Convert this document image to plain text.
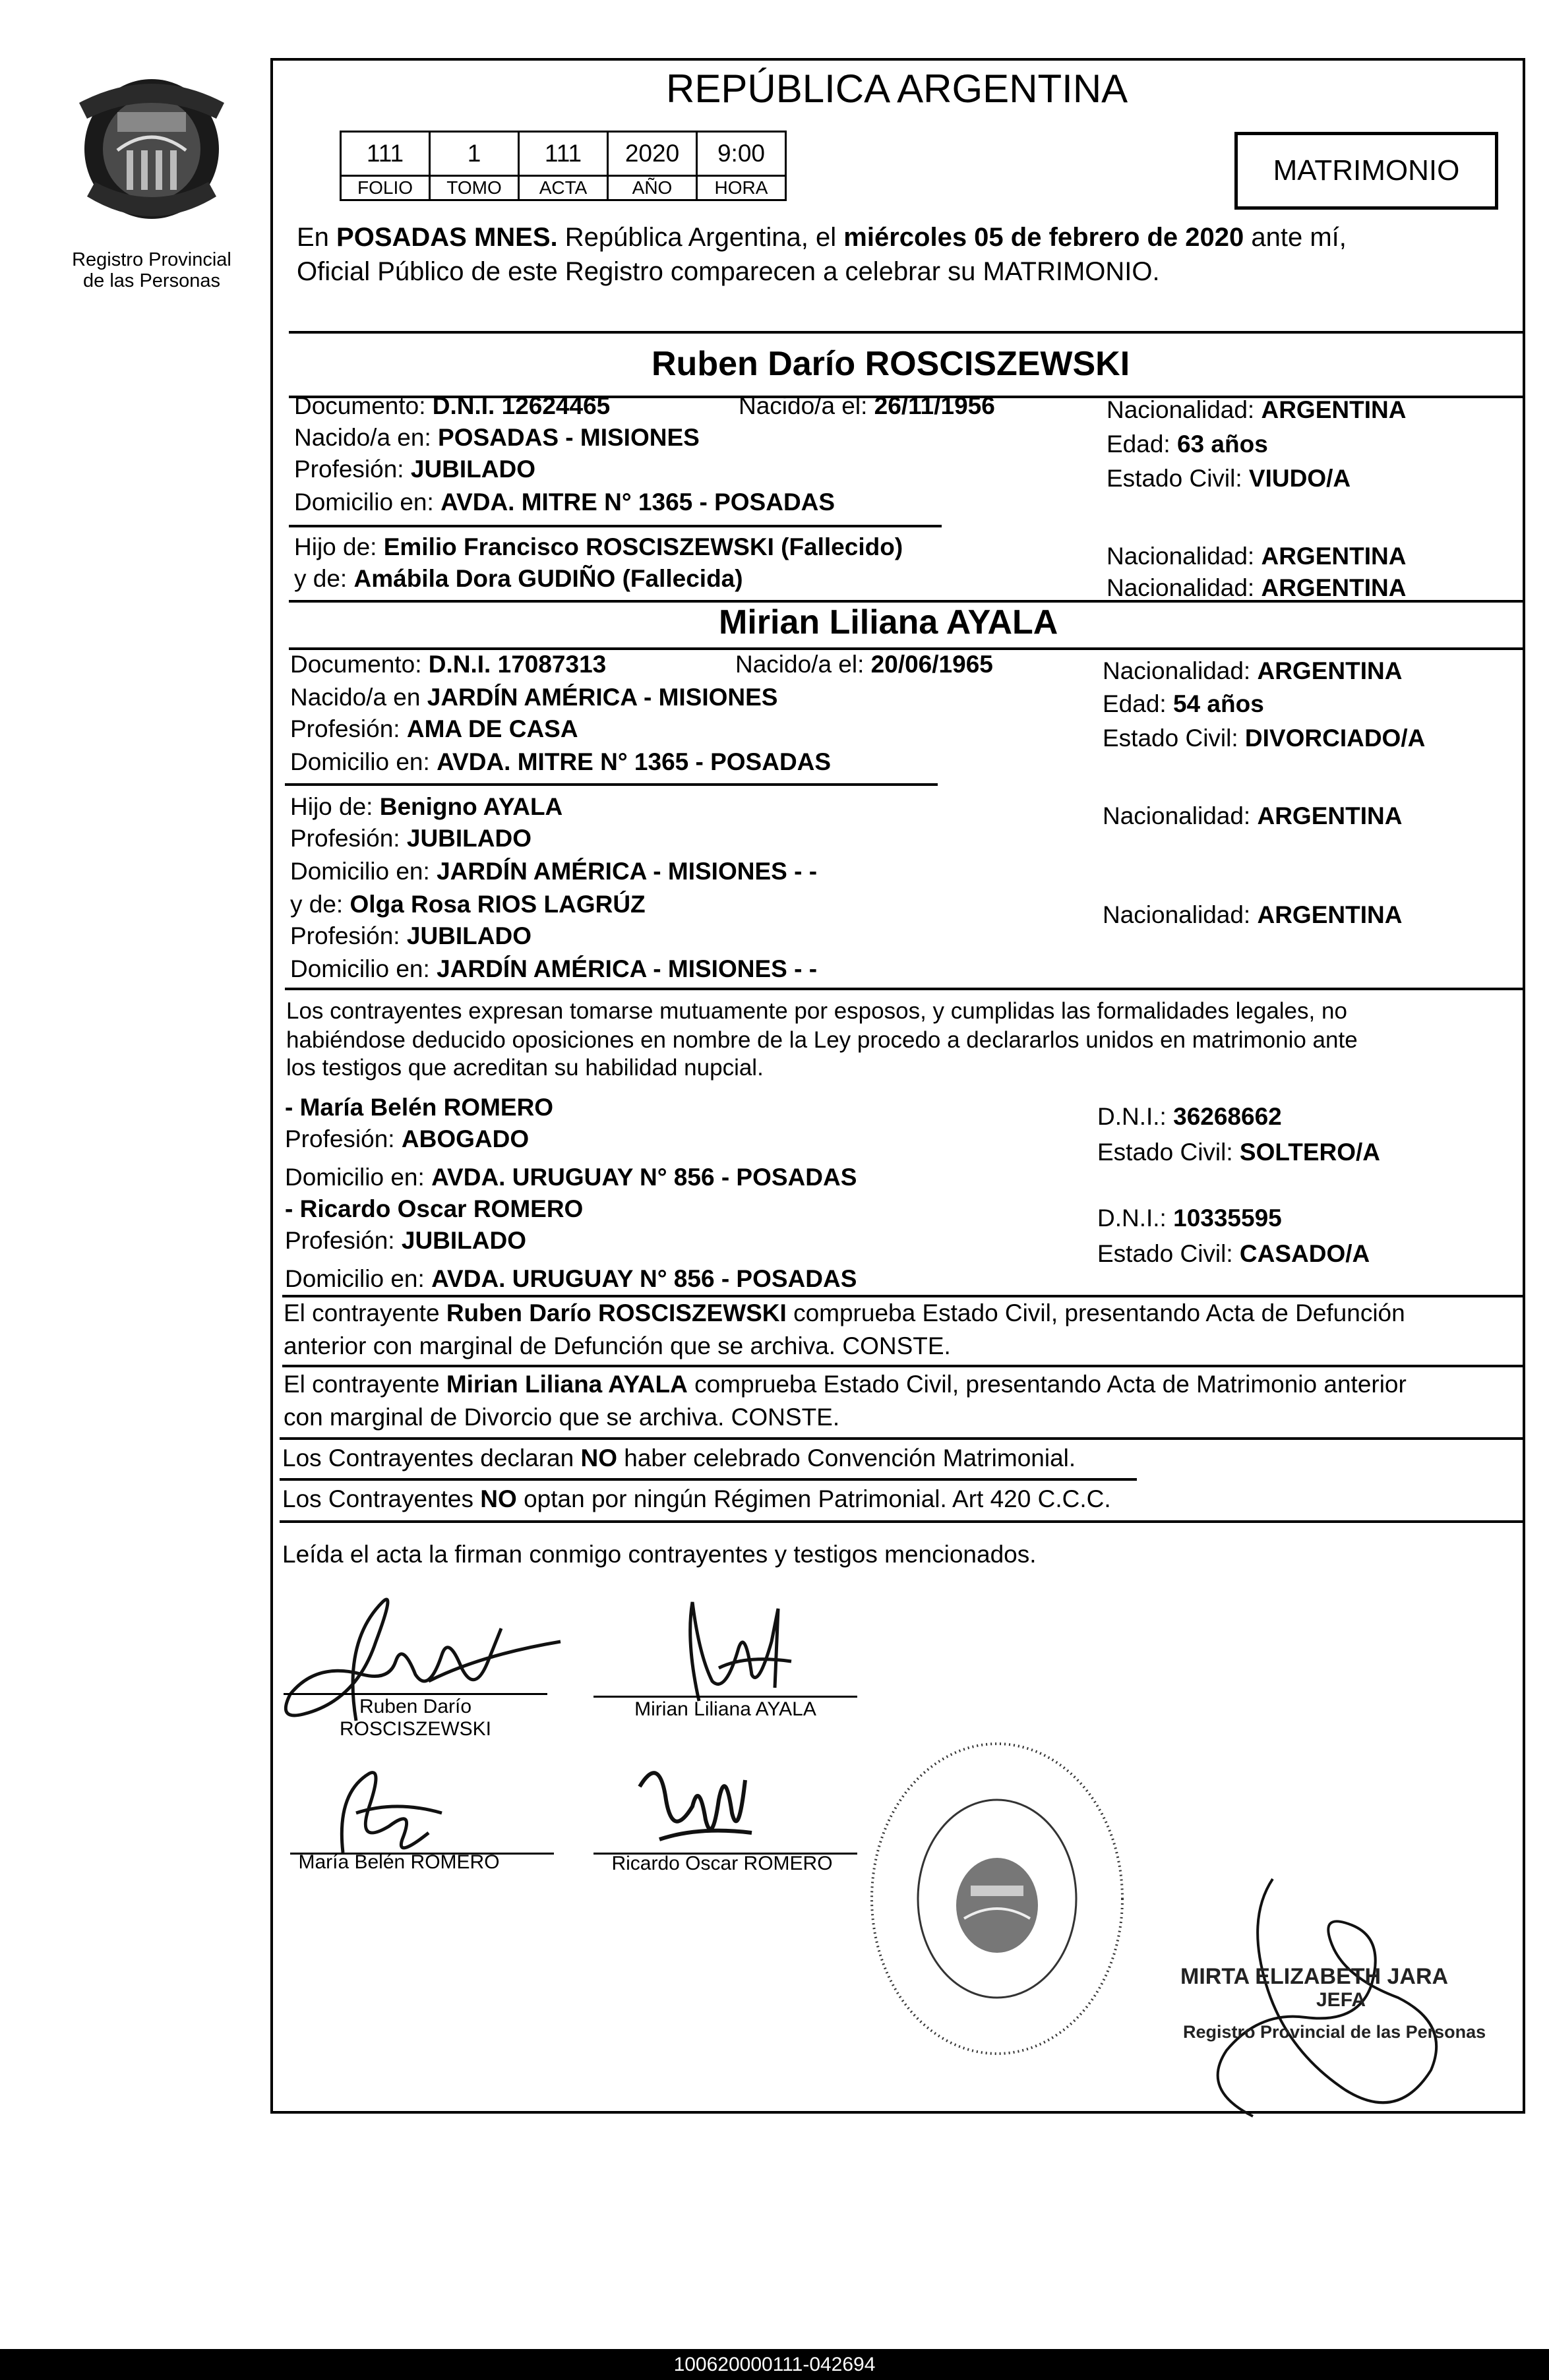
Registro Provincial
de las Personas
REPÚBLICA ARGENTINA
111	1	111	2020	9:00
FOLIO	TOMO	ACTA	AÑO	HORA
MATRIMONIO
En POSADAS MNES. República Argentina, el miércoles 05 de febrero de 2020 ante mí,
Oficial Público de este Registro comparecen a celebrar su MATRIMONIO.
Ruben Darío ROSCISZEWSKI
Documento: D.N.I. 12624465	Nacido/a el: 26/11/1956	Nacionalidad: ARGENTINA
Nacido/a en: POSADAS - MISIONES	Edad: 63 años
Profesión: JUBILADO	Estado Civil: VIUDO/A
Domicilio en: AVDA. MITRE N° 1365 - POSADAS
Hijo de: Emilio Francisco ROSCISZEWSKI (Fallecido)	Nacionalidad: ARGENTINA
y de: Amábila Dora GUDIÑO (Fallecida)	Nacionalidad: ARGENTINA
Mirian Liliana AYALA
Documento: D.N.I. 17087313	Nacido/a el: 20/06/1965	Nacionalidad: ARGENTINA
Nacido/a en JARDÍN AMÉRICA - MISIONES	Edad: 54 años
Profesión: AMA DE CASA	Estado Civil: DIVORCIADO/A
Domicilio en: AVDA. MITRE N° 1365 - POSADAS
Hijo de: Benigno AYALA	Nacionalidad: ARGENTINA
Profesión: JUBILADO
Domicilio en: JARDÍN AMÉRICA - MISIONES - -
y de: Olga Rosa RIOS LAGRÚZ	Nacionalidad: ARGENTINA
Profesión: JUBILADO
Domicilio en: JARDÍN AMÉRICA - MISIONES - -
Los contrayentes expresan tomarse mutuamente por esposos, y cumplidas las formalidades legales, no
habiéndose deducido oposiciones en nombre de la Ley procedo a declararlos unidos en matrimonio ante
los testigos que acreditan su habilidad nupcial.
- María Belén ROMERO	D.N.I.: 36268662
Profesión: ABOGADO	Estado Civil: SOLTERO/A
Domicilio en: AVDA. URUGUAY N° 856 - POSADAS
- Ricardo Oscar ROMERO	D.N.I.: 10335595
Profesión: JUBILADO	Estado Civil: CASADO/A
Domicilio en: AVDA. URUGUAY N° 856 - POSADAS
El contrayente Ruben Darío ROSCISZEWSKI comprueba Estado Civil, presentando Acta de Defunción
anterior con marginal de Defunción que se archiva. CONSTE.
El contrayente Mirian Liliana AYALA comprueba Estado Civil, presentando Acta de Matrimonio anterior
con marginal de Divorcio que se archiva. CONSTE.
Los Contrayentes declaran NO haber celebrado Convención Matrimonial.
Los Contrayentes NO optan por ningún Régimen Patrimonial. Art 420 C.C.C.
Leída el acta la firman conmigo contrayentes y testigos mencionados.
Ruben Darío
ROSCISZEWSKI
Mirian Liliana AYALA
María Belén ROMERO	Ricardo Oscar ROMERO
MIRTA ELIZABETH JARA
JEFA
Registro Provincial de las Personas
100620000111-042694
